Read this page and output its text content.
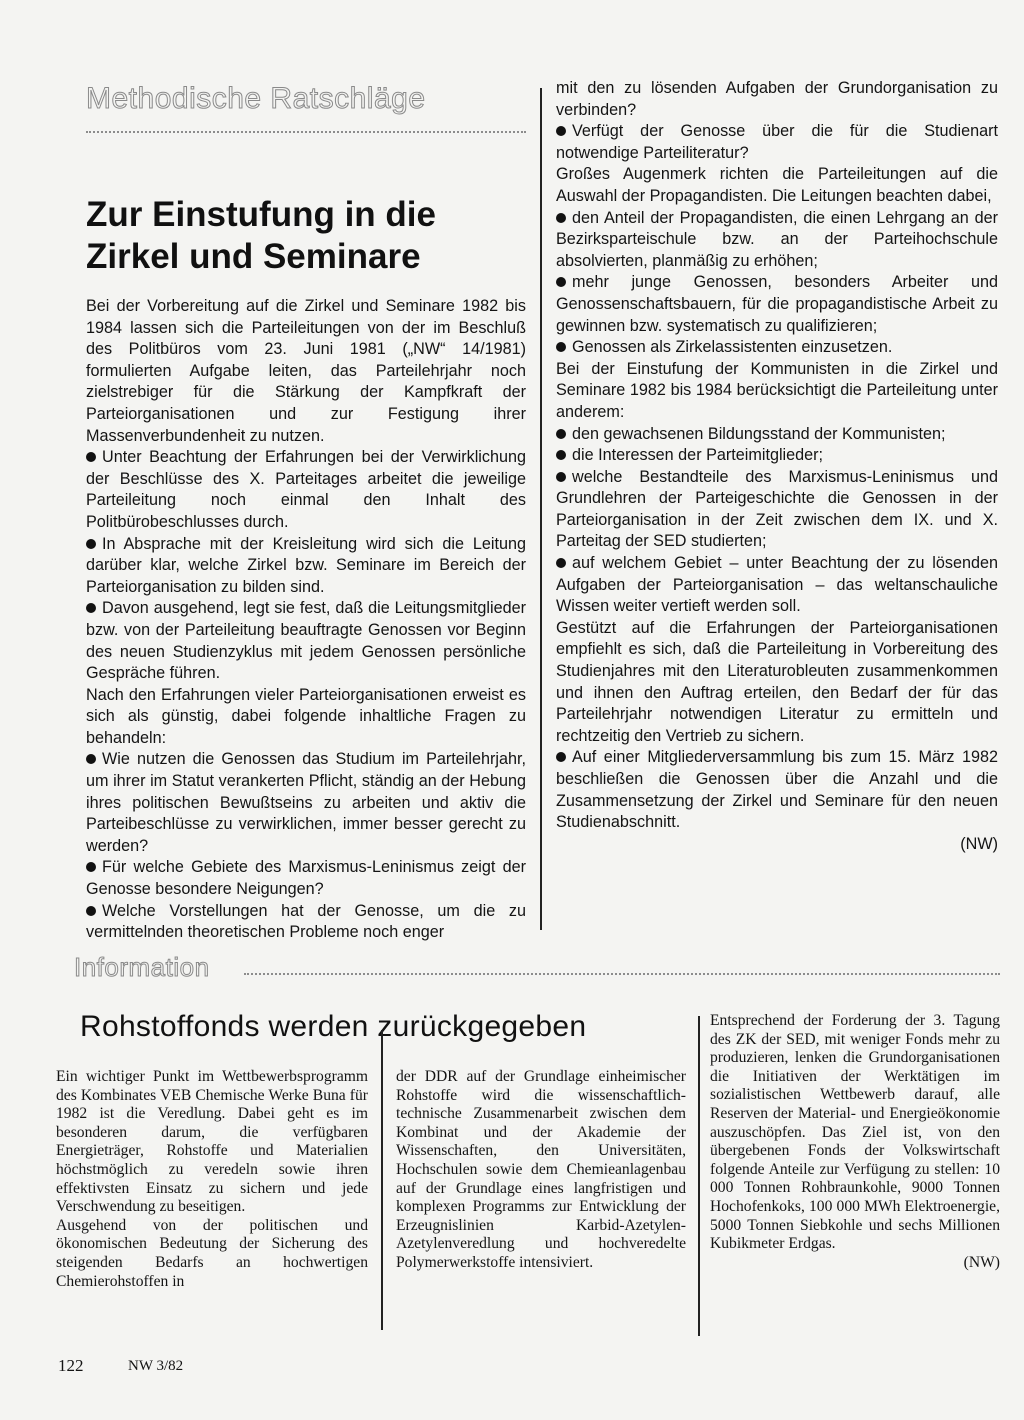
Methodische Ratschläge
Zur Einstufung in die
Zirkel und Seminare

Bei der Vorbereitung auf die Zirkel und Seminare 1982 bis 1984 lassen sich die Parteileitungen von der im Beschluß des Politbüros vom 23. Juni 1981 („NW“ 14/1981) formulierten Aufgabe leiten, das Parteilehrjahr noch zielstrebiger für die Stärkung der Kampfkraft der Parteiorganisationen und zur Festigung ihrer Massenverbundenheit zu nutzen.

Unter Beachtung der Erfahrungen bei der Verwirklichung der Beschlüsse des X. Parteitages arbeitet die jeweilige Parteileitung noch einmal den Inhalt des Politbürobeschlusses durch.

In Absprache mit der Kreisleitung wird sich die Leitung darüber klar, welche Zirkel bzw. Seminare im Bereich der Parteiorganisation zu bilden sind.

Davon ausgehend, legt sie fest, daß die Leitungsmitglieder bzw. von der Parteileitung beauftragte Genossen vor Beginn des neuen Studienzyklus mit jedem Genossen persönliche Gespräche führen.

Nach den Erfahrungen vieler Parteiorganisationen erweist es sich als günstig, dabei folgende inhaltliche Fragen zu behandeln:

Wie nutzen die Genossen das Studium im Parteilehrjahr, um ihrer im Statut verankerten Pflicht, ständig an der Hebung ihres politischen Bewußtseins zu arbeiten und aktiv die Parteibeschlüsse zu verwirklichen, immer besser gerecht zu werden?

Für welche Gebiete des Marxismus-Leninismus zeigt der Genosse besondere Neigungen?

Welche Vorstellungen hat der Genosse, um die zu vermittelnden theoretischen Probleme noch enger

mit den zu lösenden Aufgaben der Grundorganisation zu verbinden?

Verfügt der Genosse über die für die Studienart notwendige Parteiliteratur?

Großes Augenmerk richten die Parteileitungen auf die Auswahl der Propagandisten. Die Leitungen beachten dabei,

den Anteil der Propagandisten, die einen Lehrgang an der Bezirksparteischule bzw. an der Parteihochschule absolvierten, planmäßig zu erhöhen;

mehr junge Genossen, besonders Arbeiter und Genossenschaftsbauern, für die propagandistische Arbeit zu gewinnen bzw. systematisch zu qualifizieren;

Genossen als Zirkelassistenten einzusetzen.

Bei der Einstufung der Kommunisten in die Zirkel und Seminare 1982 bis 1984 berücksichtigt die Parteileitung unter anderem:

den gewachsenen Bildungsstand der Kommunisten;

die Interessen der Parteimitglieder;

welche Bestandteile des Marxismus-Leninismus und Grundlehren der Parteigeschichte die Genossen in der Parteiorganisation in der Zeit zwischen dem IX. und X. Parteitag der SED studierten;

auf welchem Gebiet – unter Beachtung der zu lösenden Aufgaben der Parteiorganisation – das weltanschauliche Wissen weiter vertieft werden soll.

Gestützt auf die Erfahrungen der Parteiorganisationen empfiehlt es sich, daß die Parteileitung in Vorbereitung des Studienjahres mit den Literaturobleuten zusammenkommen und ihnen den Auftrag erteilen, den Bedarf der für das Parteilehrjahr notwendigen Literatur zu ermitteln und rechtzeitig den Vertrieb zu sichern.

Auf einer Mitgliederversammlung bis zum 15. März 1982 beschließen die Genossen über die Anzahl und die Zusammensetzung der Zirkel und Seminare für den neuen Studienabschnitt.

(NW)

Information
Rohstoffonds werden zurückgegeben

Ein wichtiger Punkt im Wettbewerbsprogramm des Kombinates VEB Chemische Werke Buna für 1982 ist die Veredlung. Dabei geht es im besonderen darum, die verfügbaren Energieträger, Rohstoffe und Materialien höchstmöglich zu veredeln sowie ihren effektivsten Einsatz zu sichern und jede Verschwendung zu beseitigen.

Ausgehend von der politischen und ökonomischen Bedeutung der Sicherung des steigenden Bedarfs an hochwertigen Chemierohstoffen in

der DDR auf der Grundlage einheimischer Rohstoffe wird die wissenschaftlich-technische Zusammenarbeit zwischen dem Kombinat und der Akademie der Wissenschaften, den Universitäten, Hochschulen sowie dem Chemieanlagenbau auf der Grundlage eines langfristigen und komplexen Programms zur Entwicklung der Erzeugnislinien Karbid-Azetylen-Azetylenveredlung und hochveredelte Polymerwerkstoffe intensiviert.

Entsprechend der Forderung der 3. Tagung des ZK der SED, mit weniger Fonds mehr zu produzieren, lenken die Grundorganisationen die Initiativen der Werktätigen im sozialistischen Wettbewerb darauf, alle Reserven der Material- und Energieökonomie auszuschöpfen. Das Ziel ist, von den übergebenen Fonds der Volkswirtschaft folgende Anteile zur Verfügung zu stellen: 10 000 Tonnen Rohbraunkohle, 9000 Tonnen Hochofenkoks, 100 000 MWh Elektroenergie, 5000 Tonnen Siebkohle und sechs Millionen Kubikmeter Erdgas.

(NW)

122	NW 3/82
